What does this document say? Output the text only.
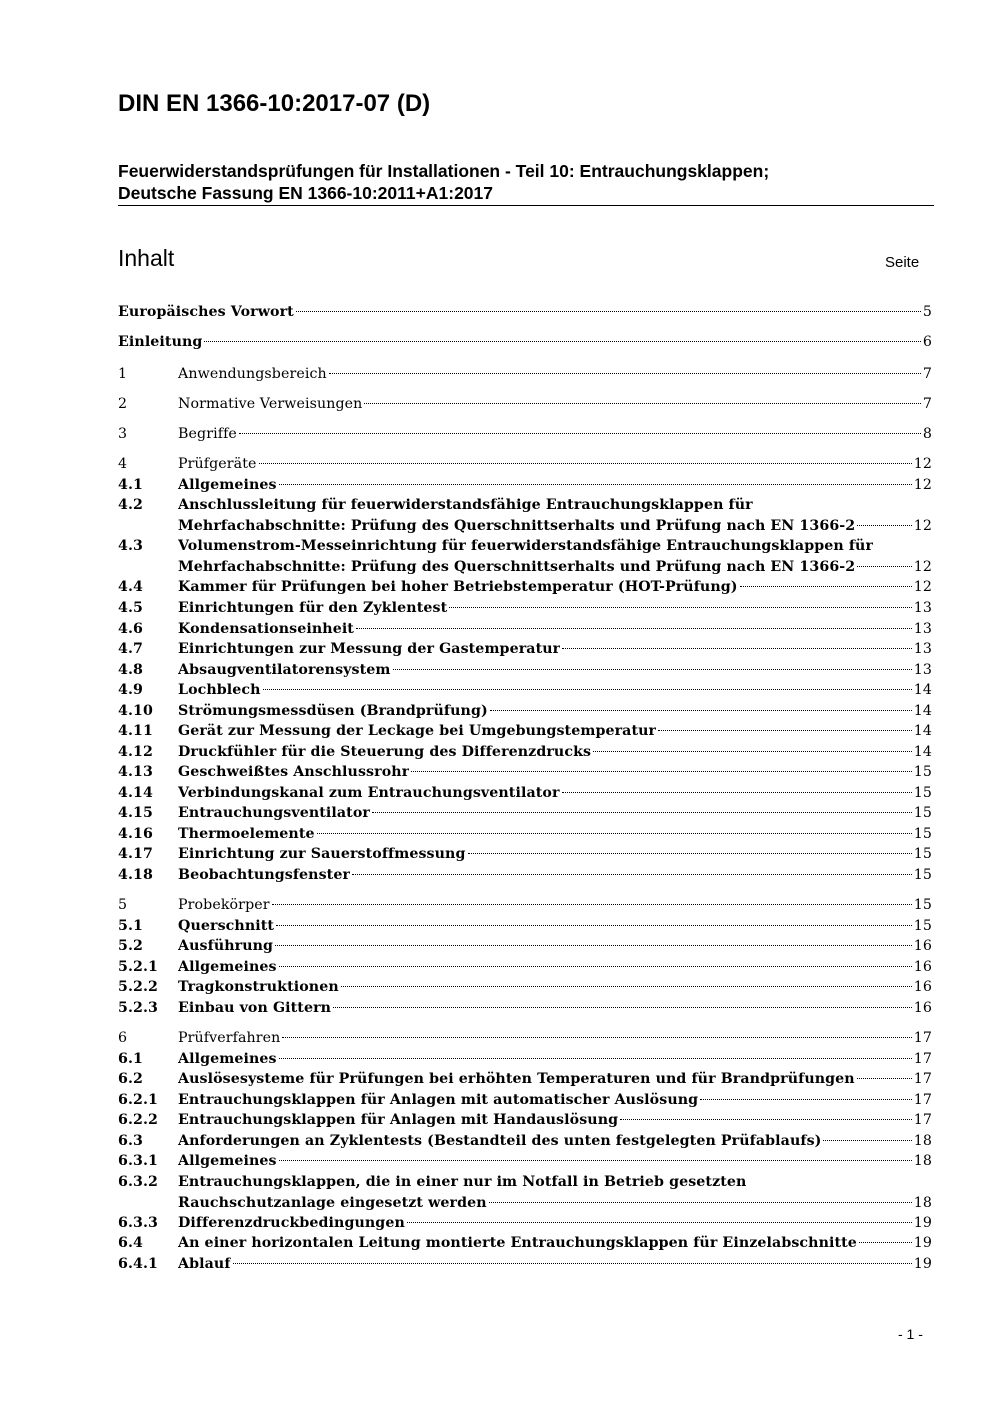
DIN EN 1366-10:2017-07 (D)
Feuerwiderstandsprüfungen für Installationen - Teil 10: Entrauchungsklappen;
Deutsche Fassung EN 1366-10:2011+A1:2017
Inhalt	Seite
Europäisches Vorwort	5
Einleitung	6
1	Anwendungsbereich	7
2	Normative Verweisungen	7
3	Begriffe	8
4	Prüfgeräte	12
4.1	Allgemeines	12
4.2	Anschlussleitung für feuerwiderstandsfähige Entrauchungsklappen für
Mehrfachabschnitte: Prüfung des Querschnittserhalts und Prüfung nach EN 1366-2	12
4.3	Volumenstrom-Messeinrichtung für feuerwiderstandsfähige Entrauchungsklappen für
Mehrfachabschnitte: Prüfung des Querschnittserhalts und Prüfung nach EN 1366-2	12
4.4	Kammer für Prüfungen bei hoher Betriebstemperatur (HOT-Prüfung)	12
4.5	Einrichtungen für den Zyklentest	13
4.6	Kondensationseinheit	13
4.7	Einrichtungen zur Messung der Gastemperatur	13
4.8	Absaugventilatorensystem	13
4.9	Lochblech	14
4.10	Strömungsmessdüsen (Brandprüfung)	14
4.11	Gerät zur Messung der Leckage bei Umgebungstemperatur	14
4.12	Druckfühler für die Steuerung des Differenzdrucks	14
4.13	Geschweißtes Anschlussrohr	15
4.14	Verbindungskanal zum Entrauchungsventilator	15
4.15	Entrauchungsventilator	15
4.16	Thermoelemente	15
4.17	Einrichtung zur Sauerstoffmessung	15
4.18	Beobachtungsfenster	15
5	Probekörper	15
5.1	Querschnitt	15
5.2	Ausführung	16
5.2.1	Allgemeines	16
5.2.2	Tragkonstruktionen	16
5.2.3	Einbau von Gittern	16
6	Prüfverfahren	17
6.1	Allgemeines	17
6.2	Auslösesysteme für Prüfungen bei erhöhten Temperaturen und für Brandprüfungen	17
6.2.1	Entrauchungsklappen für Anlagen mit automatischer Auslösung	17
6.2.2	Entrauchungsklappen für Anlagen mit Handauslösung	17
6.3	Anforderungen an Zyklentests (Bestandteil des unten festgelegten Prüfablaufs)	18
6.3.1	Allgemeines	18
6.3.2	Entrauchungsklappen, die in einer nur im Notfall in Betrieb gesetzten
Rauchschutzanlage eingesetzt werden	18
6.3.3	Differenzdruckbedingungen	19
6.4	An einer horizontalen Leitung montierte Entrauchungsklappen für Einzelabschnitte	19
6.4.1	Ablauf	19
- 1 -
